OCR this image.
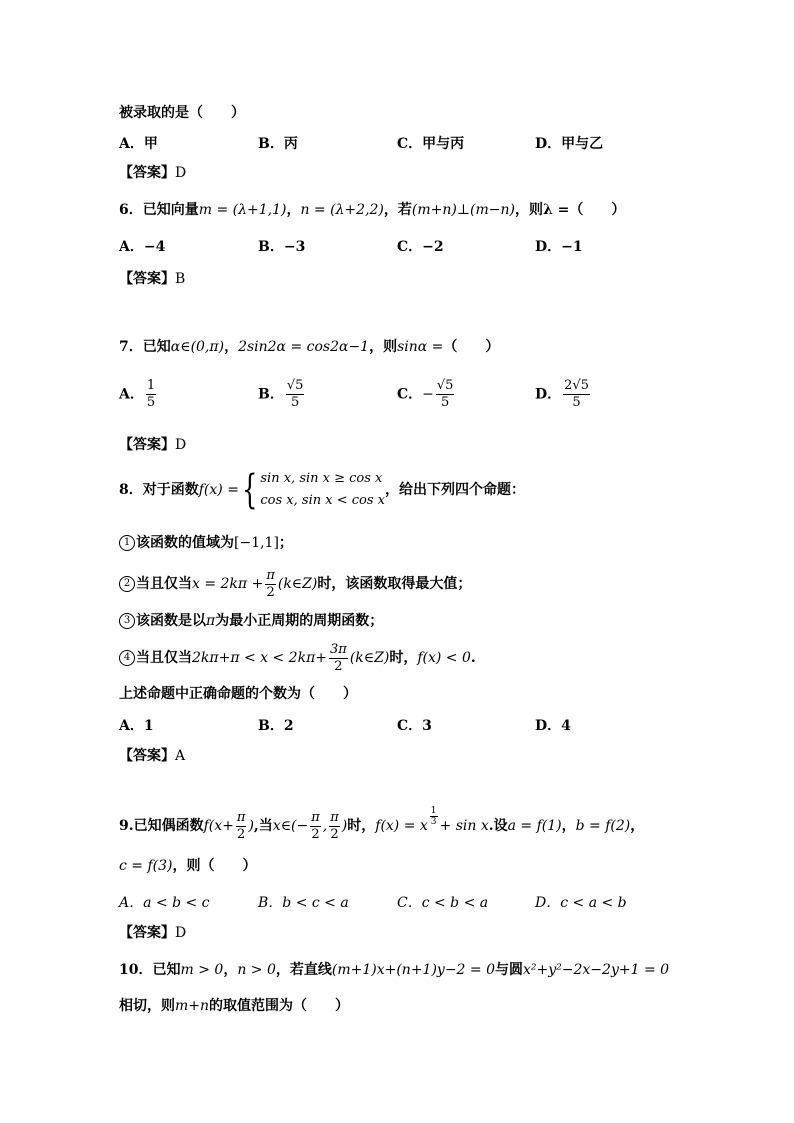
被录取的是（　　）
A．甲	B．丙	C．甲与丙	D．甲与乙
【答案】D
6．已知向量m = (λ+1,1)，n = (λ+2,2)，若(m+n)⊥(m−n)，则λ =（　　）
A．−4	B．−3	C．−2	D．−1
【答案】B
7．已知α∈(0,π)，2sin2α = cos2α−1，则sinα =（　　）
A． $\frac{1}{5}$	B． $\frac{√5}{5}$	C．− $\frac{√5}{5}$	D． $\frac{2√5}{5}$
【答案】D
8．对于函数f(x) ={ sin x, sin x ≥ cos x
cos x, sin x < cos x
，给出下列四个命题：
1 该函数的值域为[−1,1]；
2 当且仅当$x = 2k\pi + \frac{\pi}{2}$ (k∈Z)时，该函数取得最大值；
3 该函数是以π为最小正周期的周期函数；
4 当且仅当$2k\pi+\pi < x < 2k\pi+ \frac{3\pi}{2}$ (k∈Z)时，f(x) < 0.
上述命题中正确命题的个数为（　　）
A．1	B．2	C．3	D．4
【答案】A
9.已知偶函数$f(x+ \frac{\pi}{2}$ ),当x∈(− $\frac{\pi}{2}$ , $\frac{\pi}{2}$ )时，f(x) = x $\frac{1}{3} + \sin x$.设a = f(1)，b = f(2)，
c = f(3)，则（　　）
A．a < b < c	B．b < c < a	C．c < b < a	D．c < a < b
【答案】D
10．已知m > 0，n > 0，若直线(m+1)x+(n+1)y−2 = 0与圆x²+y²−2x−2y+1 = 0
相切，则m+n的取值范围为（　　）
